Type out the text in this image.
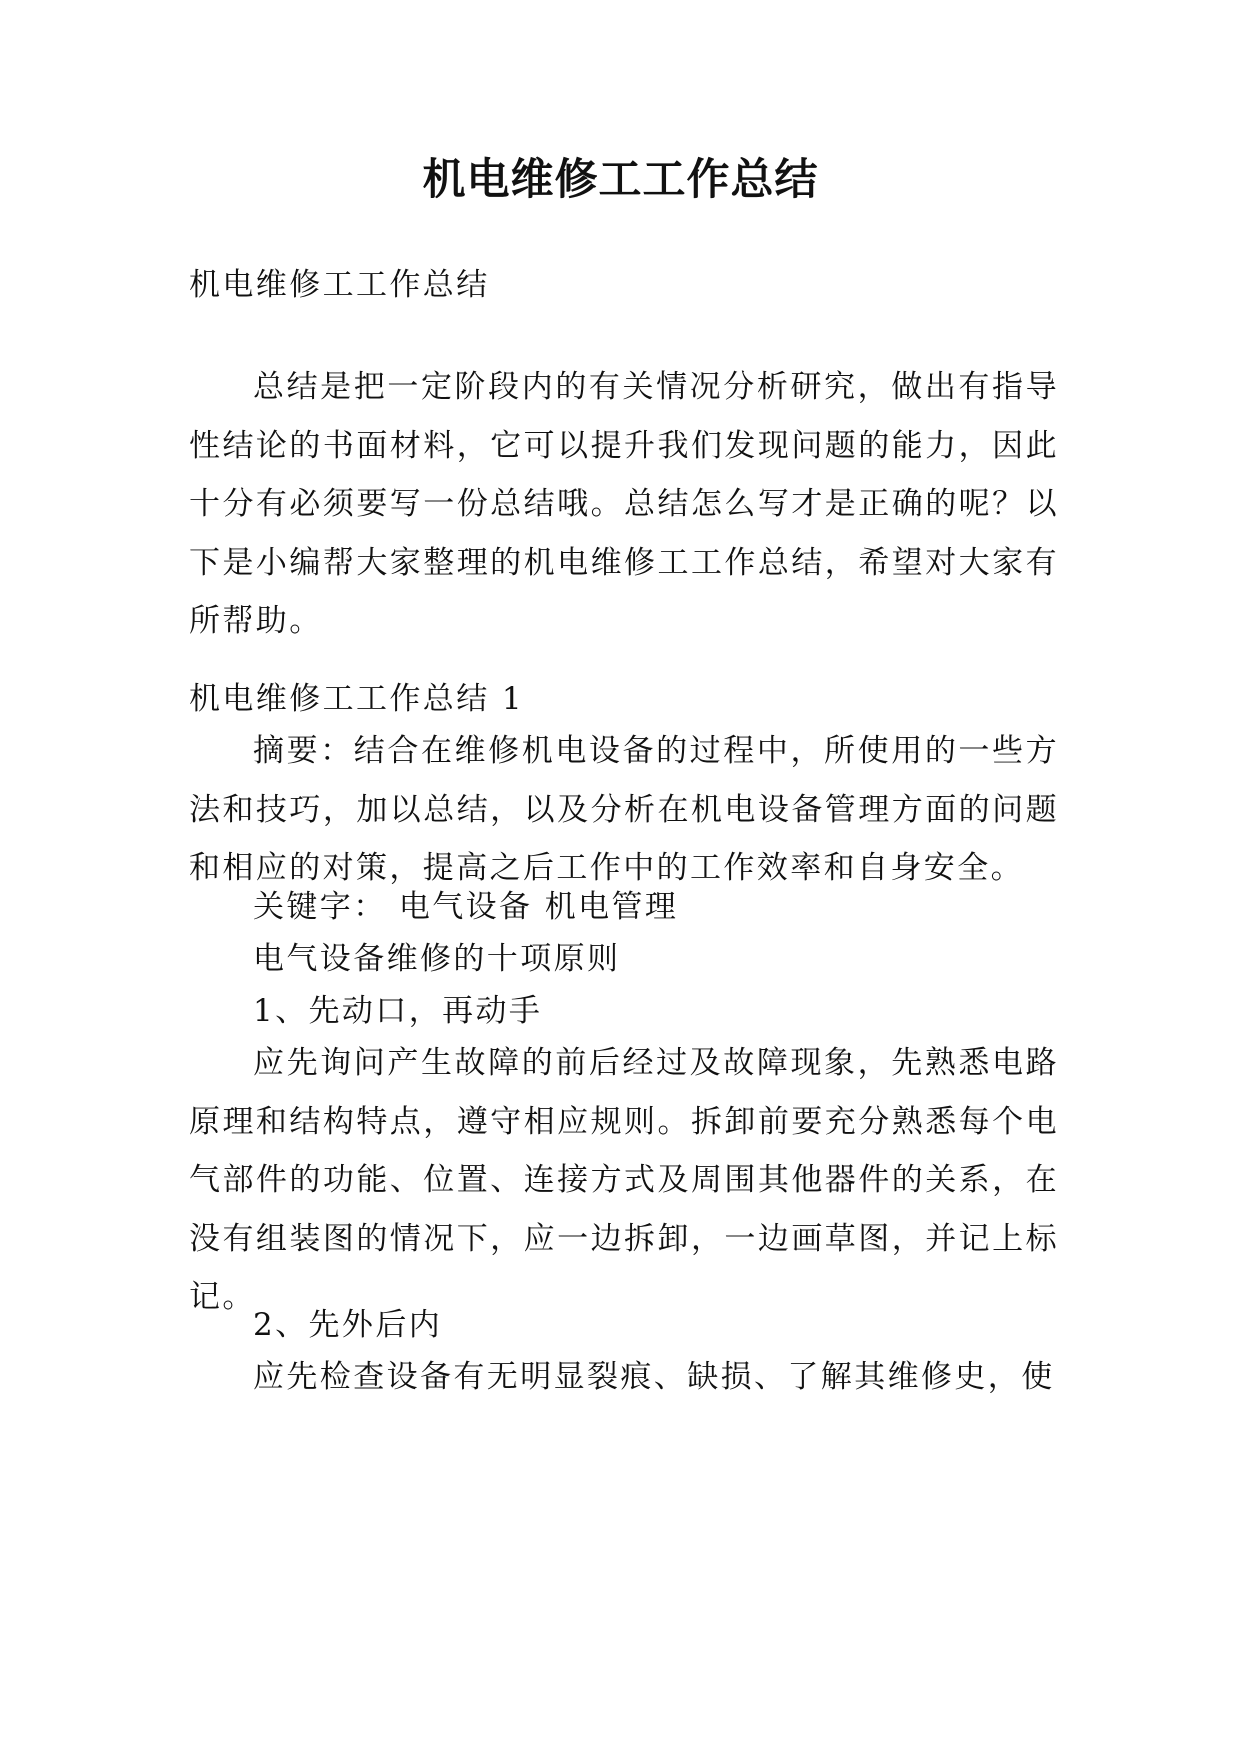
机电维修工工作总结
机电维修工工作总结
总结是把一定阶段内的有关情况分析研究，做出有指导性结论的书面材料，它可以提升我们发现问题的能力，因此十分有必须要写一份总结哦。总结怎么写才是正确的呢？以下是小编帮大家整理的机电维修工工作总结，希望对大家有所帮助。
机电维修工工作总结 1
摘要：结合在维修机电设备的过程中，所使用的一些方法和技巧，加以总结，以及分析在机电设备管理方面的问题和相应的对策，提高之后工作中的工作效率和自身安全。
关键字： 电气设备 机电管理
电气设备维修的十项原则
1、先动口，再动手
应先询问产生故障的前后经过及故障现象，先熟悉电路原理和结构特点，遵守相应规则。拆卸前要充分熟悉每个电气部件的功能、位置、连接方式及周围其他器件的关系，在没有组装图的情况下，应一边拆卸，一边画草图，并记上标记。
2、先外后内
应先检查设备有无明显裂痕、缺损、了解其维修史，使
